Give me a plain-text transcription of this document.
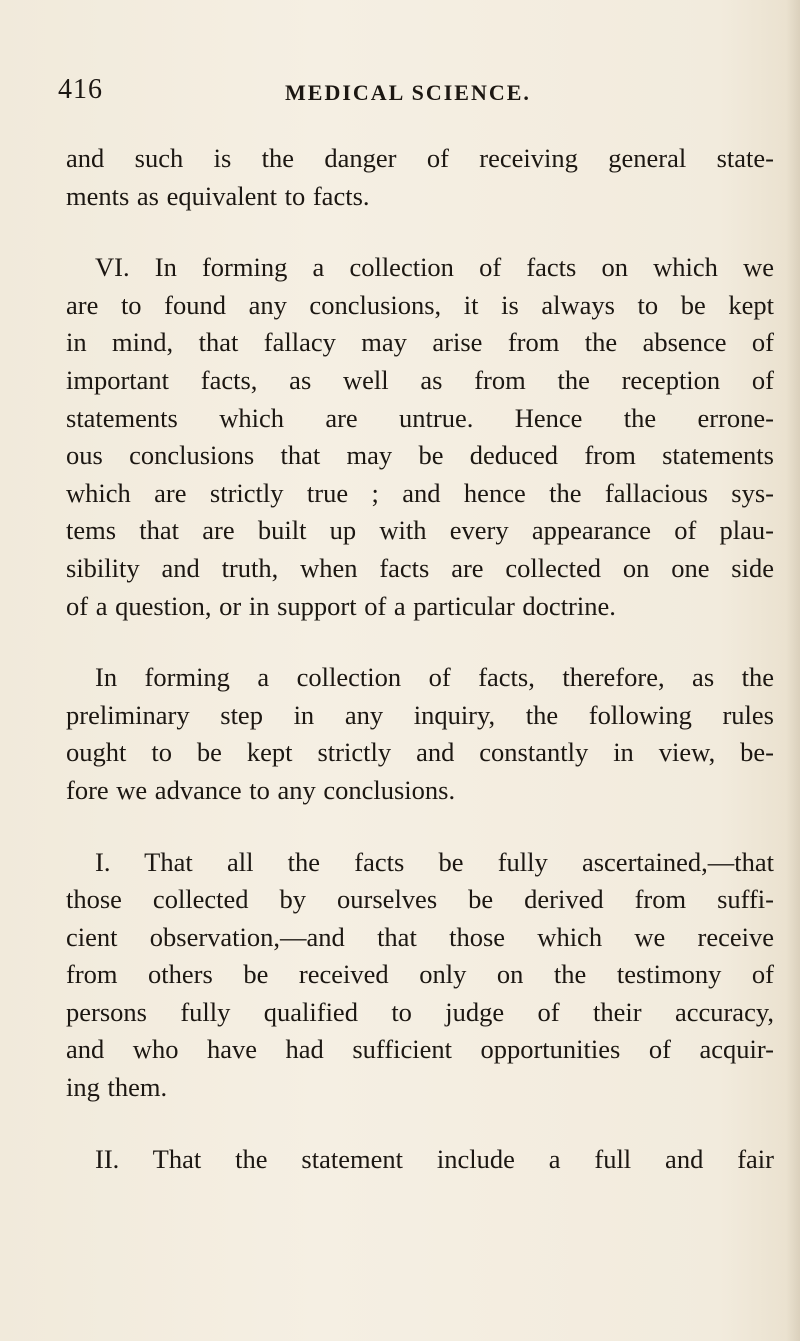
416	MEDICAL SCIENCE.

and such is the danger of receiving general state-
ments as equivalent to facts.

VI. In forming a collection of facts on which we
are to found any conclusions, it is always to be kept
in mind, that fallacy may arise from the absence of
important facts, as well as from the reception of
statements which are untrue. Hence the errone-
ous conclusions that may be deduced from statements
which are strictly true ; and hence the fallacious sys-
tems that are built up with every appearance of plau-
sibility and truth, when facts are collected on one side
of a question, or in support of a particular doctrine.

In forming a collection of facts, therefore, as the
preliminary step in any inquiry, the following rules
ought to be kept strictly and constantly in view, be-
fore we advance to any conclusions.

I. That all the facts be fully ascertained,—that
those collected by ourselves be derived from suffi-
cient observation,—and that those which we receive
from others be received only on the testimony of
persons fully qualified to judge of their accuracy,
and who have had sufficient opportunities of acquir-
ing them.

II. That the statement include a full and fair
